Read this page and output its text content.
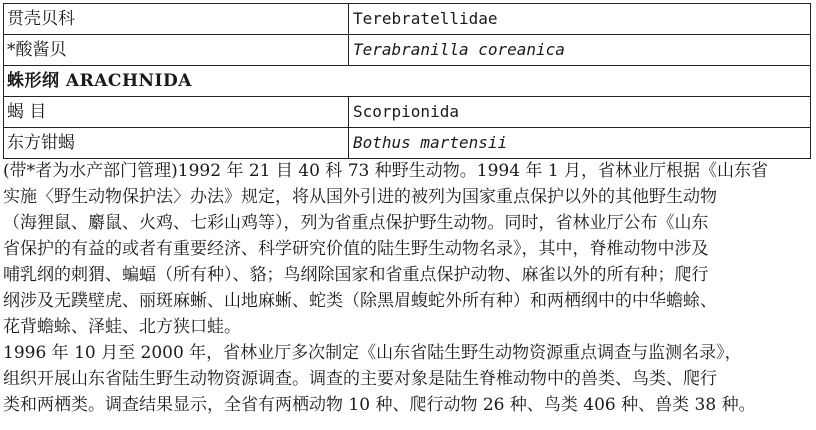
贯壳贝科	Terebratellidae
*酸酱贝	Terabranilla coreanica
蛛形纲 ARACHNIDA	
蝎 目	Scorpionida
东方钳蝎	Bothus martensii
(带*者为水产部门管理)1992 年 21 目 40 科 73 种野生动物。1994 年 1 月，省林业厅根据《山东省
实施〈野生动物保护法〉办法》规定，将从国外引进的被列为国家重点保护以外的其他野生动物
（海狸鼠、麝鼠、火鸡、七彩山鸡等），列为省重点保护野生动物。同时，省林业厅公布《山东
省保护的有益的或者有重要经济、科学研究价值的陆生野生动物名录》，其中，脊椎动物中涉及
哺乳纲的刺猬、蝙蝠（所有种）、貉；鸟纲除国家和省重点保护动物、麻雀以外的所有种；爬行
纲涉及无蹼壁虎、丽斑麻蜥、山地麻蜥、蛇类（除黑眉蝮蛇外所有种）和两栖纲中的中华蟾蜍、
花背蟾蜍、泽蛙、北方狭口蛙。
1996 年 10 月至 2000 年，省林业厅多次制定《山东省陆生野生动物资源重点调查与监测名录》，
组织开展山东省陆生野生动物资源调查。调查的主要对象是陆生脊椎动物中的兽类、鸟类、爬行
类和两栖类。调查结果显示，全省有两栖动物 10 种、爬行动物 26 种、鸟类 406 种、兽类 38 种。
